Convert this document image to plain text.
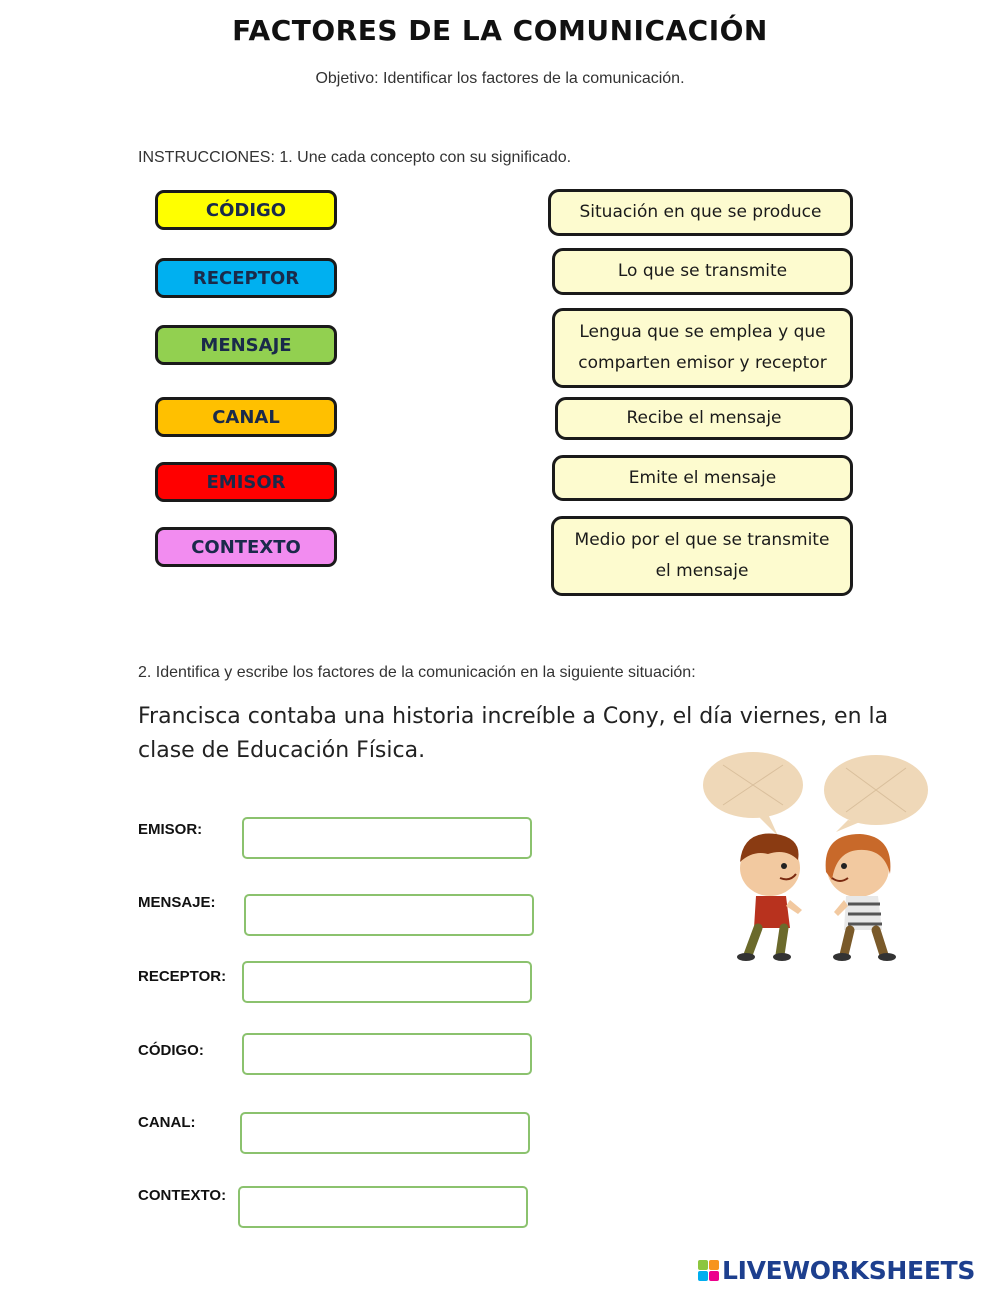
FACTORES DE LA COMUNICACIÓN
Objetivo: Identificar los factores de la comunicación.
INSTRUCCIONES: 1. Une cada concepto con su significado.
CÓDIGO
RECEPTOR
MENSAJE
CANAL
EMISOR
CONTEXTO
Situación en que se produce
Lo que se transmite
Lengua que se emplea y que
comparten emisor y receptor
Recibe el mensaje
Emite el mensaje
Medio por el que se transmite
el mensaje
2. Identifica y escribe los factores de la comunicación en la siguiente situación:
Francisca contaba una historia increíble a Cony, el día viernes, en la clase de Educación Física.
EMISOR:
MENSAJE:
RECEPTOR:
CÓDIGO:
CANAL:
CONTEXTO:
LIVEWORKSHEETS
